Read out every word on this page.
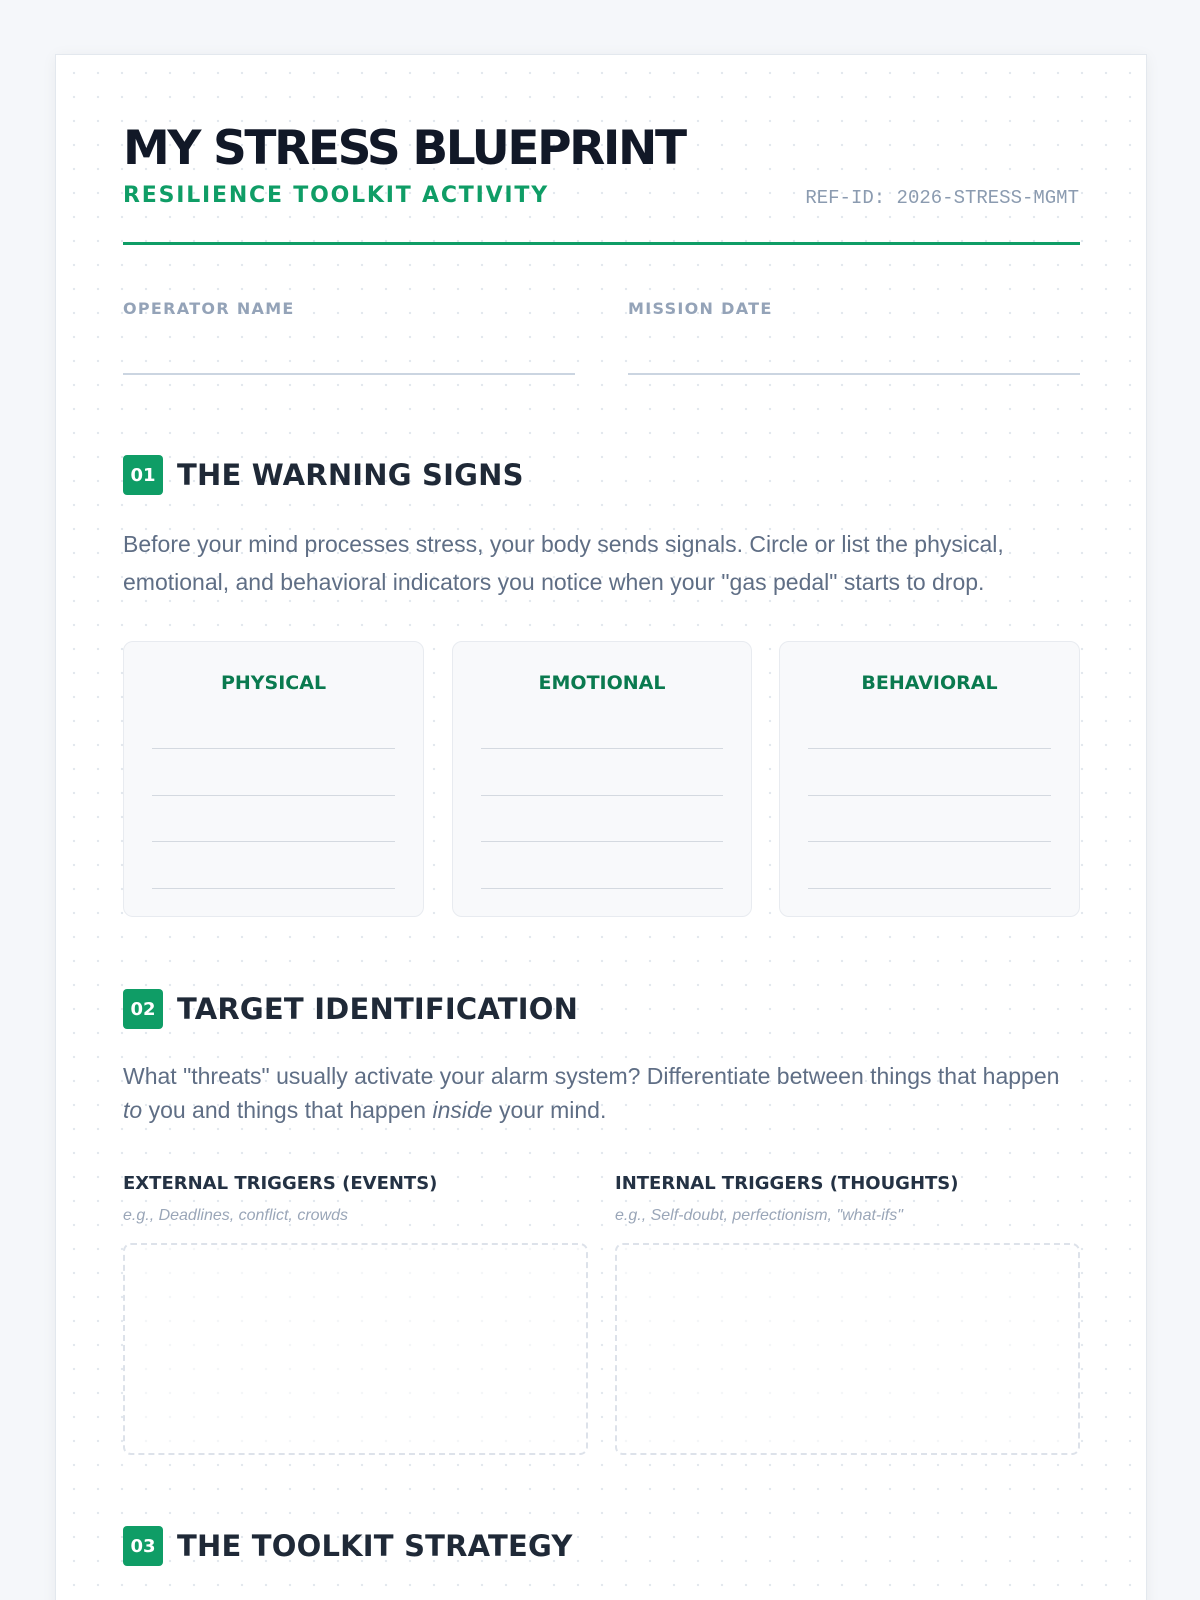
MY STRESS BLUEPRINT
RESILIENCE TOOLKIT ACTIVITY	REF-ID: 2026-STRESS-MGMT
OPERATOR NAME	MISSION DATE
01 THE WARNING SIGNS
Before your mind processes stress, your body sends signals. Circle or list the physical, emotional, and behavioral indicators you notice when your "gas pedal" starts to drop.
PHYSICAL	EMOTIONAL	BEHAVIORAL
02 TARGET IDENTIFICATION
What "threats" usually activate your alarm system? Differentiate between things that happen to you and things that happen inside your mind.
EXTERNAL TRIGGERS (EVENTS)
e.g., Deadlines, conflict, crowds
INTERNAL TRIGGERS (THOUGHTS)
e.g., Self-doubt, perfectionism, "what-ifs"
03 THE TOOLKIT STRATEGY
